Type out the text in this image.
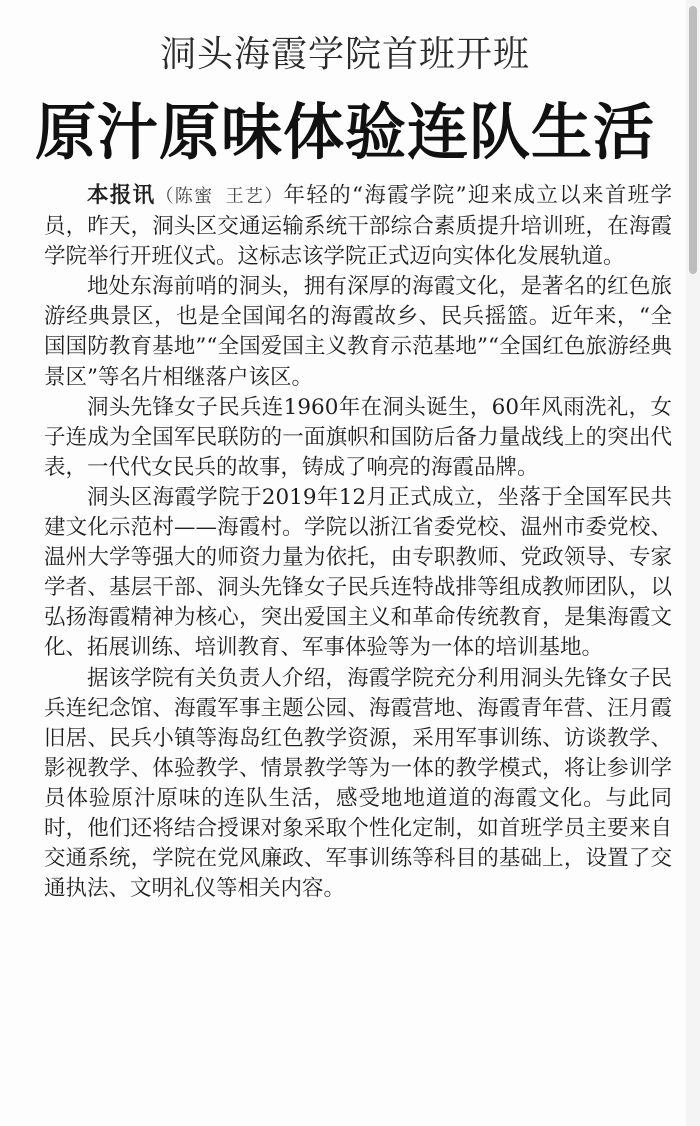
洞头海霞学院首班开班
原汁原味体验连队生活

本报讯（陈蜜 王艺）年轻的“海霞学院”迎来成立以来首班学员，昨天，洞头区交通运输系统干部综合素质提升培训班，在海霞学院举行开班仪式。这标志该学院正式迈向实体化发展轨道。

地处东海前哨的洞头，拥有深厚的海霞文化，是著名的红色旅游经典景区，也是全国闻名的海霞故乡、民兵摇篮。近年来，“全国国防教育基地”“全国爱国主义教育示范基地”“全国红色旅游经典景区”等名片相继落户该区。

洞头先锋女子民兵连1960年在洞头诞生，60年风雨洗礼，女子连成为全国军民联防的一面旗帜和国防后备力量战线上的突出代表，一代代女民兵的故事，铸成了响亮的海霞品牌。

洞头区海霞学院于2019年12月正式成立，坐落于全国军民共建文化示范村——海霞村。学院以浙江省委党校、温州市委党校、温州大学等强大的师资力量为依托，由专职教师、党政领导、专家学者、基层干部、洞头先锋女子民兵连特战排等组成教师团队，以弘扬海霞精神为核心，突出爱国主义和革命传统教育，是集海霞文化、拓展训练、培训教育、军事体验等为一体的培训基地。

据该学院有关负责人介绍，海霞学院充分利用洞头先锋女子民兵连纪念馆、海霞军事主题公园、海霞营地、海霞青年营、汪月霞旧居、民兵小镇等海岛红色教学资源，采用军事训练、访谈教学、影视教学、体验教学、情景教学等为一体的教学模式，将让参训学员体验原汁原味的连队生活，感受地地道道的海霞文化。与此同时，他们还将结合授课对象采取个性化定制，如首班学员主要来自交通系统，学院在党风廉政、军事训练等科目的基础上，设置了交通执法、文明礼仪等相关内容。
